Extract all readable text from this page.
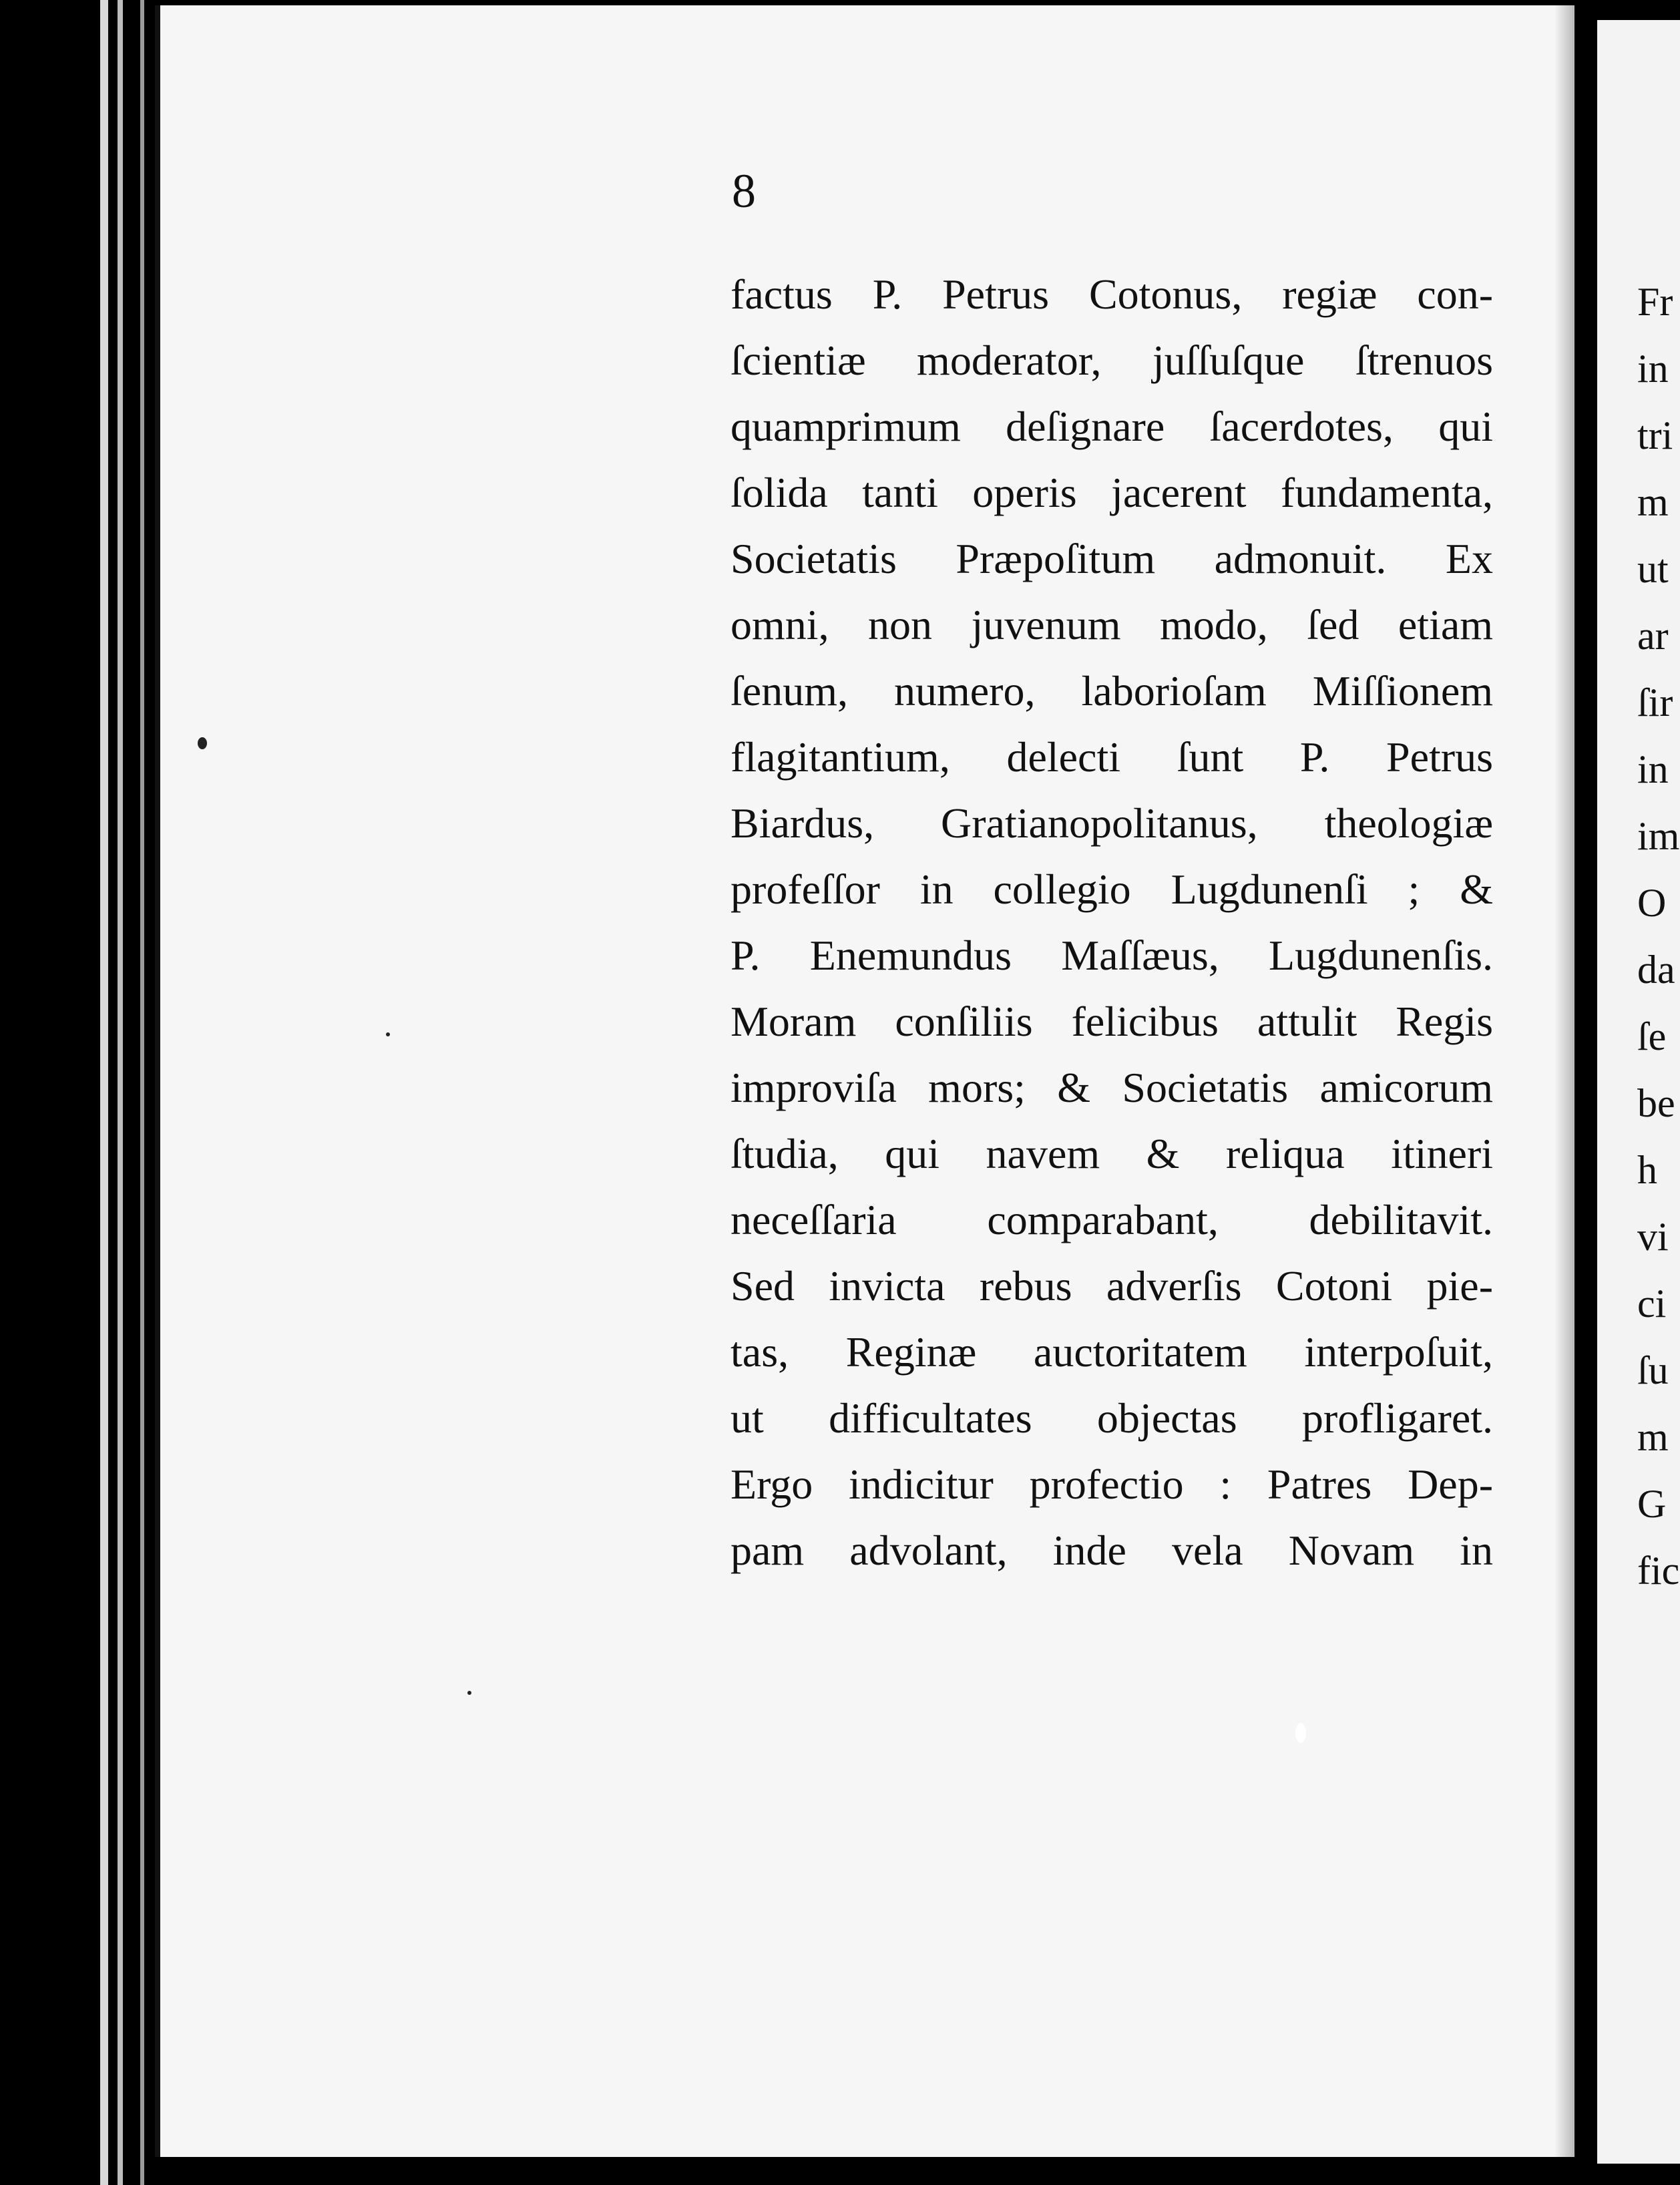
8
factus P. Petrus Cotonus, regiæ con-
ſcientiæ moderator, juſſuſque ſtrenuos
quamprimum deſignare ſacerdotes, qui
ſolida tanti operis jacerent fundamenta,
Societatis Præpoſitum admonuit. Ex
omni, non juvenum modo, ſed etiam
ſenum, numero, laborioſam Miſſionem
flagitantium, delecti ſunt P. Petrus
Biardus, Gratianopolitanus, theologiæ
profeſſor in collegio Lugdunenſi ; &
P. Enemundus Maſſæus, Lugdunenſis.
Moram conſiliis felicibus attulit Regis
improviſa mors; & Societatis amicorum
ſtudia, qui navem & reliqua itineri
neceſſaria comparabant, debilitavit.
Sed invicta rebus adverſis Cotoni pie-
tas, Reginæ auctoritatem interpoſuit,
ut difficultates objectas profligaret.
Ergo indicitur profectio : Patres Dep-
pam advolant, inde vela Novam in
Fr
in
tri
m
ut
ar
ſir
in
im
O
da
ſe
be
h
vi
ci
ſu
m
G
fic
